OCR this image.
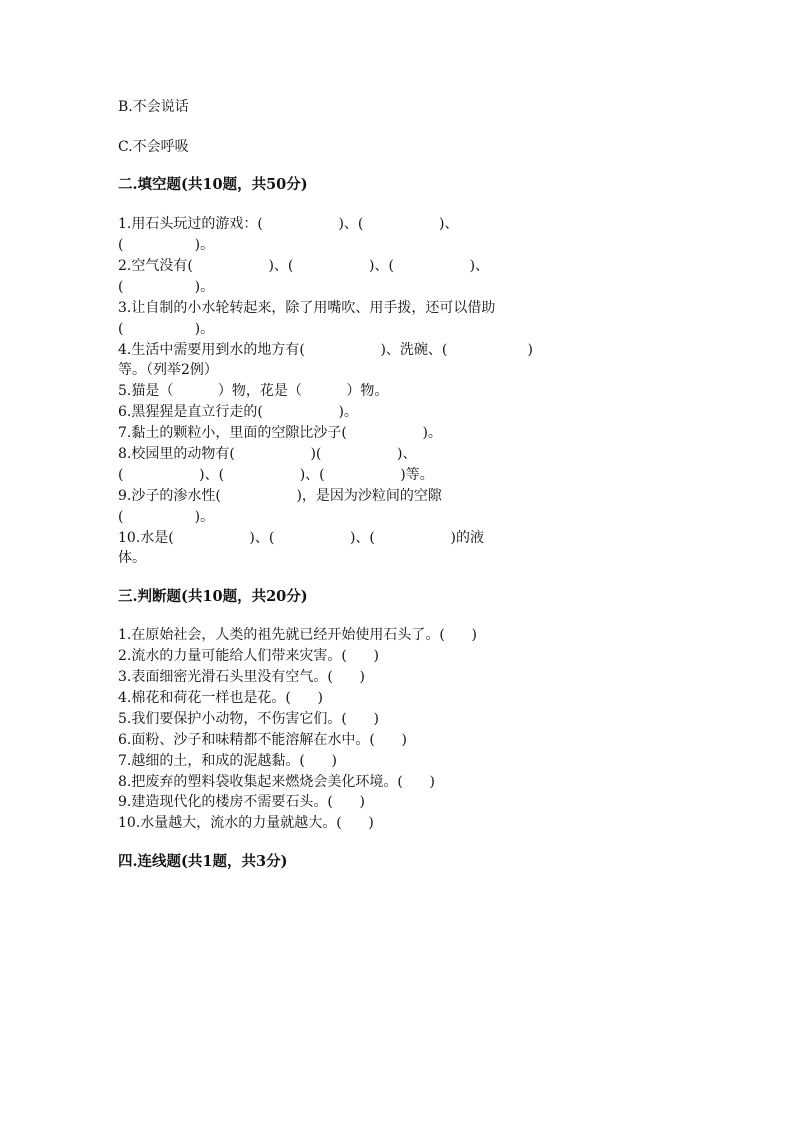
B.不会说话
C.不会呼吸
二.填空题(共10题，共50分)
1.用石头玩过的游戏：(                 )、(                 )、
(                )。
2.空气没有(                 )、(                 )、(                 )、
(                )。
3.让自制的小水轮转起来，除了用嘴吹、用手拨，还可以借助
(                )。
4.生活中需要用到水的地方有(                 )、洗碗、(                  )
等。（列举2例）
5.猫是（          ）物，花是（          ）物。
6.黑猩猩是直立行走的(                 )。
7.黏土的颗粒小，里面的空隙比沙子(                 )。
8.校园里的动物有(                 )(                 )、
(                 )、(                 )、(                 )等。
9.沙子的渗水性(                 )，是因为沙粒间的空隙
(                )。
10.水是(                 )、(                 )、(                 )的液
体。
三.判断题(共10题，共20分)
1.在原始社会，人类的祖先就已经开始使用石头了。(      )
2.流水的力量可能给人们带来灾害。(      )
3.表面细密光滑石头里没有空气。(      )
4.棉花和荷花一样也是花。(      )
5.我们要保护小动物，不伤害它们。(      )
6.面粉、沙子和味精都不能溶解在水中。(      )
7.越细的土，和成的泥越黏。(      )
8.把废弃的塑料袋收集起来燃烧会美化环境。(      )
9.建造现代化的楼房不需要石头。(      )
10.水量越大，流水的力量就越大。(      )
四.连线题(共1题，共3分)
